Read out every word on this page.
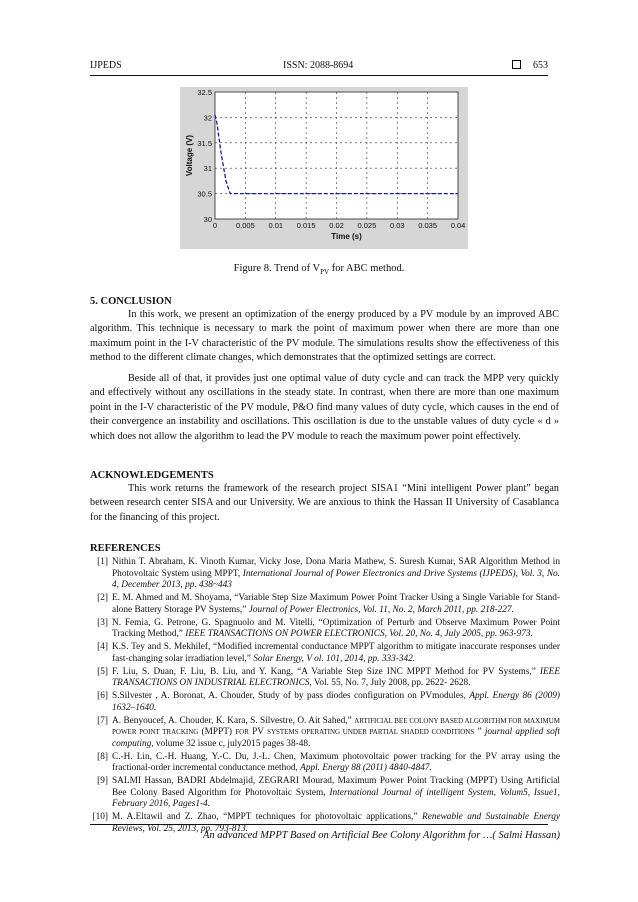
IJPEDS	ISSN: 2088-8694	653
0	0.005 0.01 0.015 0.02 0.025 0.03 0.035 0.04
30
30.5
31
31.5
32
32.5
Time (s)
Voltage (V)
Figure 8. Trend of $V_{PV}$ for ABC method.
5. CONCLUSION

In this work, we present an optimization of the energy produced by a PV module by an improved ABC algorithm. This technique is necessary to mark the point of maximum power when there are more than one maximum point in the I-V characteristic of the PV module. The simulations results show the effectiveness of this method to the different climate changes, which demonstrates that the optimized settings are correct.

Beside all of that, it provides just one optimal value of duty cycle and can track the MPP very quickly and effectively without any oscillations in the steady state. In contrast, when there are more than one maximum point in the I-V characteristic of the PV module, P&O find many values of duty cycle, which causes in the end of their convergence an instability and oscillations. This oscillation is due to the unstable values of duty cycle « d » which does not allow the algorithm to lead the PV module to reach the maximum power point effectively.

ACKNOWLEDGEMENTS

This work returns the framework of the research project SISA1 “Mini intelligent Power plant” began between research center SISA and our University. We are anxious to think the Hassan II University of Casablanca for the financing of this project.

REFERENCES
[1] Nithin T. Abraham, K. Vinoth Kumar, Vicky Jose, Dona Maria Mathew, S. Suresh Kumar, SAR Algorithm Method in Photovoltaic System using MPPT, International Journal of Power Electronics and Drive Systems (IJPEDS), Vol. 3, No. 4, December 2013, pp. 438~443
[2] E. M. Ahmed and M. Shoyama, “Variable Step Size Maximum Power Point Tracker Using a Single Variable for Stand-alone Battery Storage PV Systems,” Journal of Power Electronics, Vol. 11, No. 2, March 2011, pp. 218-227.
[3] N. Femia, G. Petrone, G. Spagnuolo and M. Vitelli, “Optimization of Perturb and Observe Maximum Power Point Tracking Method,” IEEE TRANSACTIONS ON POWER ELECTRONICS, Vol. 20, No. 4, July 2005, pp. 963-973.
[4] K.S. Tey and S. Mekhilef, “Modified incremental conductance MPPT algorithm to mitigate inaccurate responses under fast-changing solar irradiation level,” Solar Energy, V ol. 101, 2014, pp. 333-342.
[5] F. Liu, S. Duan, F. Liu, B. Liu, and Y. Kang, “A Variable Step Size INC MPPT Method for PV Systems,” IEEE TRANSACTIONS ON INDUSTRIAL ELECTRONICS, Vol. 55, No. 7, July 2008, pp. 2622- 2628.
[6] S.Silvester , A. Boronat, A. Chouder, Study of by pass diodes configuration on PVmodules, Appl. Energy 86 (2009) 1632–1640.
[7] A. Benyoucef, A. Chouder, K. Kara, S. Silvestre, O. Ait Sahed,” ARTIFICIAL BEE COLONY BASED ALGORITHM FOR MAXIMUM POWER POINT TRACKING (MPPT) FOR PV SYSTEMS OPERATING UNDER PARTIAL SHADED CONDITIONS ” journal applied soft computing, volume 32 issue c, july2015 pages 38-48.
[8] C.-H. Lin, C.-H. Huang, Y.-C. Du, J.-L. Chen, Maximum photovoltaic power tracking for the PV array using the fractional-order incremental conductance method, Appl. Energy 88 (2011) 4840-4847.
[9] SALMI Hassan, BADRI Abdelmajid, ZEGRARI Mourad, Maximum Power Point Tracking (MPPT) Using Artificial Bee Colony Based Algorithm for Photovoltaic System, International Journal of intelligent System, Volum5, Issue1, February 2016, Pages1-4.
[10] M. A.Eltawil and Z. Zhao, “MPPT techniques for photovoltaic applications,” Renewable and Sustainable Energy Reviews, Vol. 25, 2013, pp. 793-813.
An advanced MPPT Based on Artificial Bee Colony Algorithm for …( Salmi Hassan)
